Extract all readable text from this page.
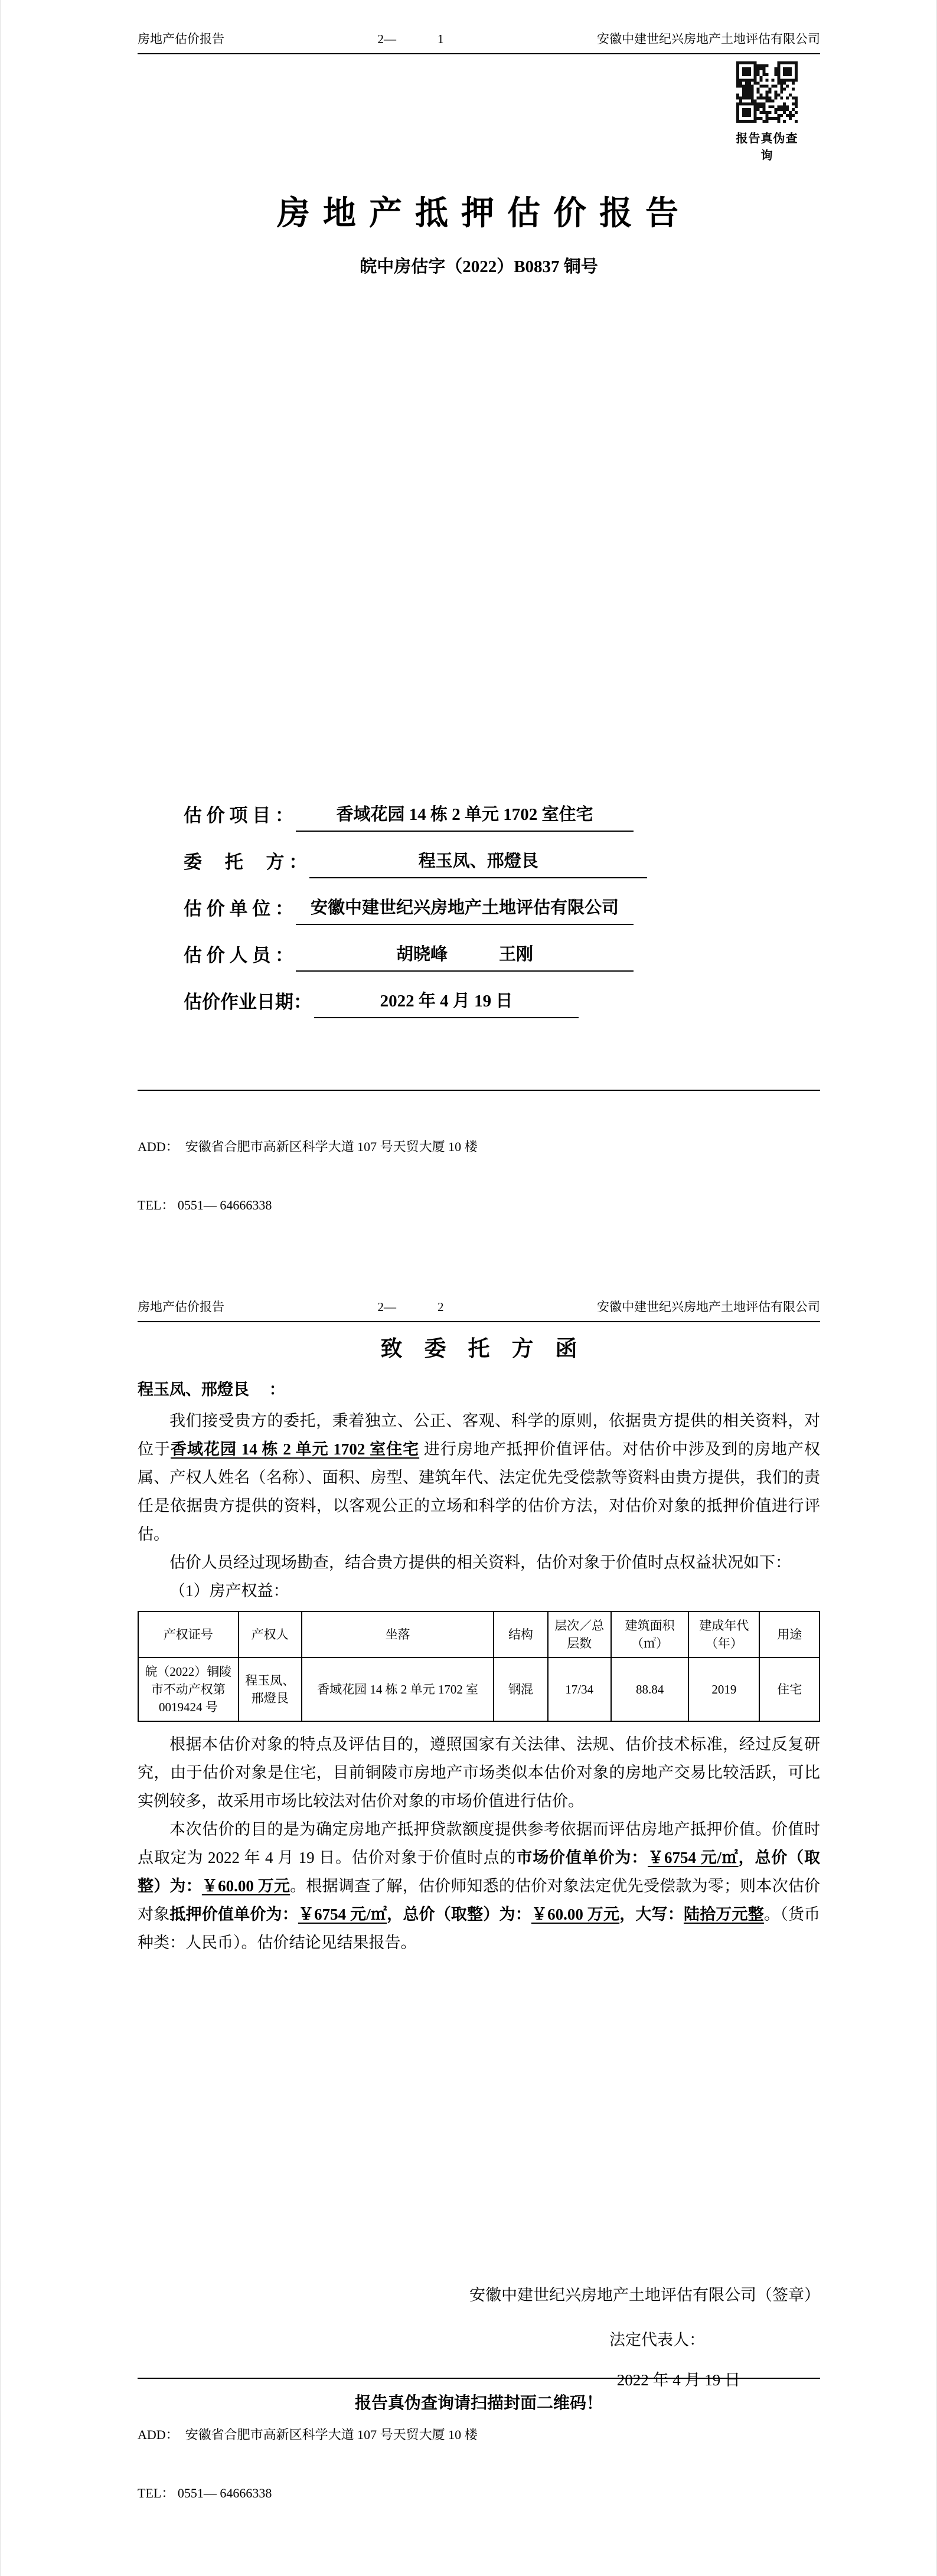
房地产估价报告	2—	1	安徽中建世纪兴房地产土地评估有限公司
报告真伪查询
房 地 产 抵 押 估 价 报 告
皖中房估字（2022）B0837 铜号
估 价 项 目 ：	香域花园 14 栋 2 单元 1702 室住宅
委　 托　 方 ：	程玉凤、邢燈艮
估 价 单 位 ： 安徽中建世纪兴房地产土地评估有限公司
估 价 人 员 ：	胡晓峰　　　王刚
估价作业日期：	2022 年 4 月 19 日

ADD：  安徽省合肥市高新区科学大道 107 号天贸大厦 10 楼

TEL： 0551— 64666338

房地产估价报告	2—	2	安徽中建世纪兴房地产土地评估有限公司
致　委　托　方　函

程玉凤、邢燈艮　 ：

我们接受贵方的委托，秉着独立、公正、客观、科学的原则，依据贵方提供的相关资料，对位于香域花园 14 栋 2 单元 1702 室住宅 进行房地产抵押价值评估。对估价中涉及到的房地产权属、产权人姓名（名称）、面积、房型、建筑年代、法定优先受偿款等资料由贵方提供，我们的责任是依据贵方提供的资料，以客观公正的立场和科学的估价方法，对估价对象的抵押价值进行评估。

估价人员经过现场勘查，结合贵方提供的相关资料，估价对象于价值时点权益状况如下：

（1）房产权益：

产权证号	产权人	坐落	结构	层次／总层数	建筑面积（㎡）	建成年代（年）	用途
皖（2022）铜陵市不动产权第0019424 号	程玉凤、邢燈艮	香域花园 14 栋 2 单元 1702 室	钢混	17/34	88.84	2019	住宅

根据本估价对象的特点及评估目的，遵照国家有关法律、法规、估价技术标准，经过反复研究，由于估价对象是住宅，目前铜陵市房地产市场类似本估价对象的房地产交易比较活跃，可比实例较多，故采用市场比较法对估价对象的市场价值进行估价。

本次估价的目的是为确定房地产抵押贷款额度提供参考依据而评估房地产抵押价值。价值时点取定为 2022 年 4 月 19 日。估价对象于价值时点的市场价值单价为：￥6754 元/㎡，总价（取整）为：￥60.00 万元。根据调查了解，估价师知悉的估价对象法定优先受偿款为零；则本次估价对象抵押价值单价为：￥6754 元/㎡，总价（取整）为：￥60.00 万元，大写：陆拾万元整。（货币种类：人民币）。估价结论见结果报告。

安徽中建世纪兴房地产土地评估有限公司（签章）
法定代表人：
2022 年 4 月 19 日
报告真伪查询请扫描封面二维码！

ADD：  安徽省合肥市高新区科学大道 107 号天贸大厦 10 楼

TEL： 0551— 64666338
